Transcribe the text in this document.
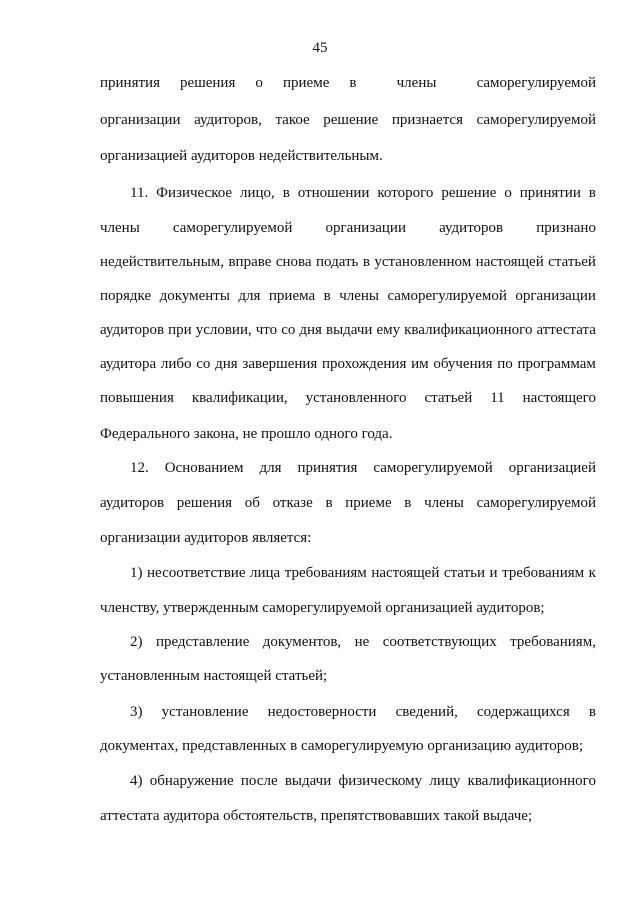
45
принятия решения о приеме в	члены	саморегулируемой
организации аудиторов, такое решение признается саморегулируемой
организацией аудиторов недействительным.
11. Физическое лицо, в отношении которого решение о принятии в
члены саморегулируемой организации аудиторов признано
недействительным, вправе снова подать в установленном настоящей статьей
порядке документы для приема в члены саморегулируемой организации
аудиторов при условии, что со дня выдачи ему квалификационного аттестата
аудитора либо со дня завершения прохождения им обучения по программам
повышения квалификации, установленного статьей 11 настоящего
Федерального закона, не прошло одного года.
12. Основанием для принятия саморегулируемой организацией
аудиторов решения об отказе в приеме в члены саморегулируемой
организации аудиторов является:
1) несоответствие лица требованиям настоящей статьи и требованиям к
членству, утвержденным саморегулируемой организацией аудиторов;
2) представление документов, не соответствующих требованиям,
установленным настоящей статьей;
3) установление недостоверности сведений, содержащихся в
документах, представленных в саморегулируемую организацию аудиторов;
4) обнаружение после выдачи физическому лицу квалификационного
аттестата аудитора обстоятельств, препятствовавших такой выдаче;
